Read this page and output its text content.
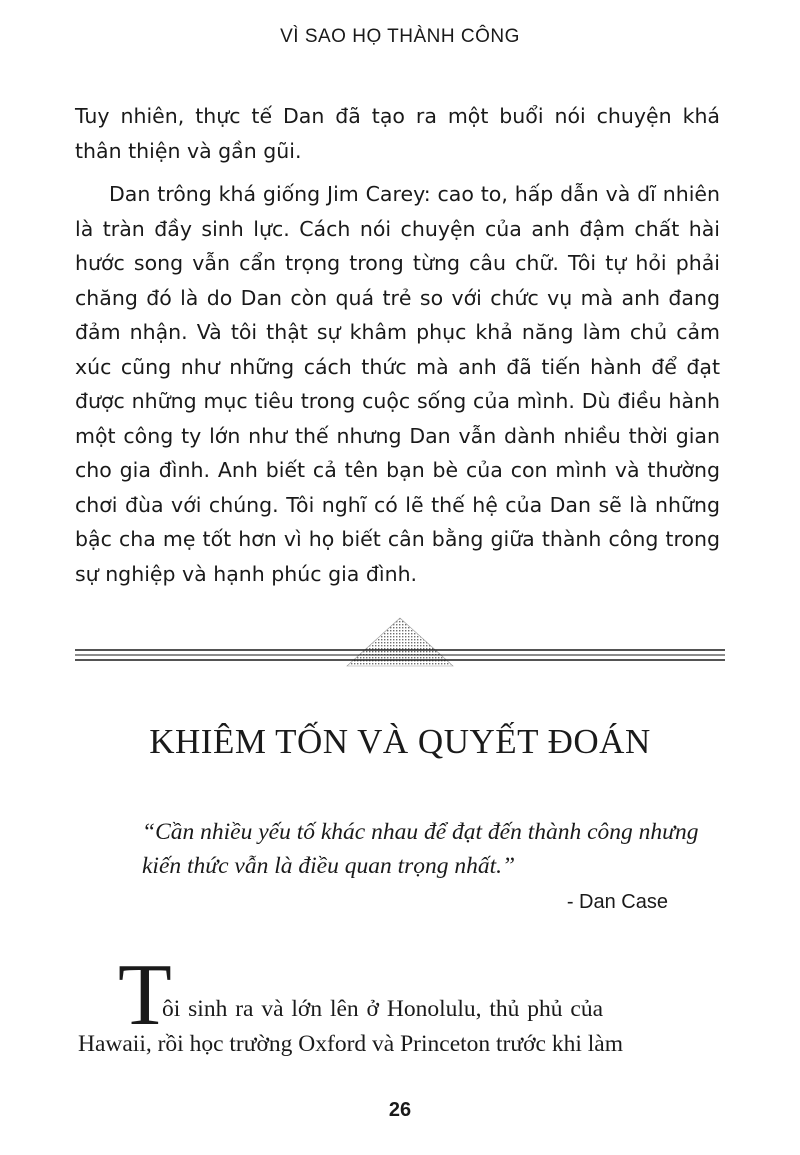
VÌ SAO HỌ THÀNH CÔNG

Tuy nhiên, thực tế Dan đã tạo ra một buổi nói chuyện khá thân thiện và gần gũi.

Dan trông khá giống Jim Carey: cao to, hấp dẫn và dĩ nhiên là tràn đầy sinh lực. Cách nói chuyện của anh đậm chất hài hước song vẫn cẩn trọng trong từng câu chữ. Tôi tự hỏi phải chăng đó là do Dan còn quá trẻ so với chức vụ mà anh đang đảm nhận. Và tôi thật sự khâm phục khả năng làm chủ cảm xúc cũng như những cách thức mà anh đã tiến hành để đạt được những mục tiêu trong cuộc sống của mình. Dù điều hành một công ty lớn như thế nhưng Dan vẫn dành nhiều thời gian cho gia đình. Anh biết cả tên bạn bè của con mình và thường chơi đùa với chúng. Tôi nghĩ có lẽ thế hệ của Dan sẽ là những bậc cha mẹ tốt hơn vì họ biết cân bằng giữa thành công trong sự nghiệp và hạnh phúc gia đình.

KHIÊM TỐN VÀ QUYẾT ĐOÁN

“Cần nhiều yếu tố khác nhau để đạt đến thành công nhưng kiến thức vẫn là điều quan trọng nhất.”

- Dan Case
T
ôi sinh ra và lớn lên ở Honolulu, thủ phủ của
Hawaii, rồi học trường Oxford và Princeton trước khi làm
26
